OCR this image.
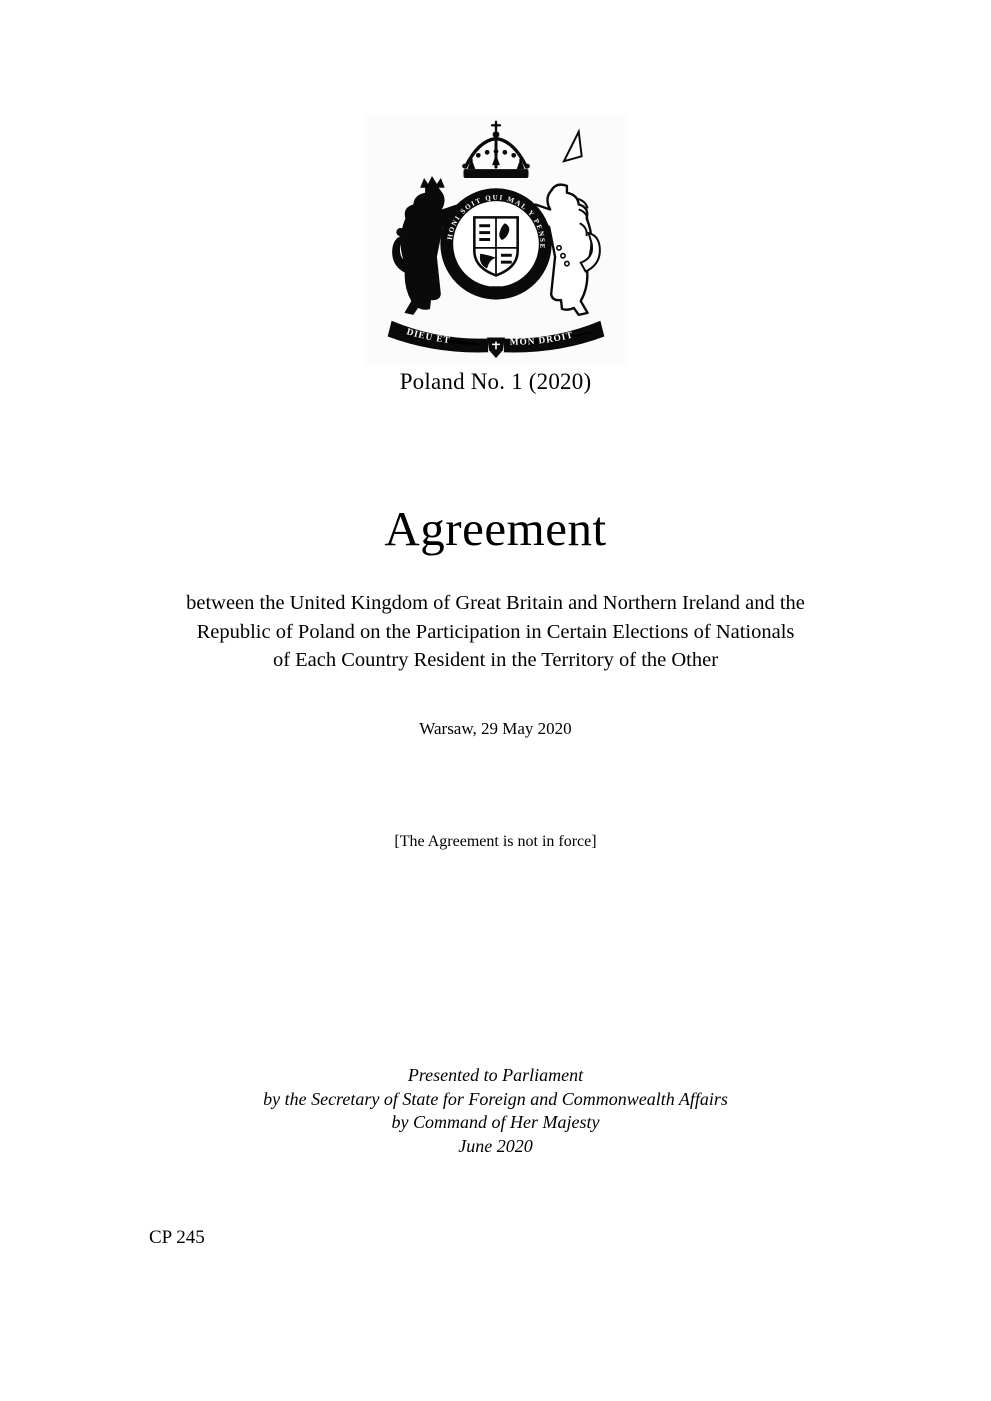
HONI SOIT QUI MAL Y PENSE
DIEU ET	MON DROIT
Poland No. 1 (2020)
Agreement
between the United Kingdom of Great Britain and Northern Ireland and the
Republic of Poland on the Participation in Certain Elections of Nationals
of Each Country Resident in the Territory of the Other
Warsaw, 29 May 2020
[The Agreement is not in force]
Presented to Parliament
by the Secretary of State for Foreign and Commonwealth Affairs
by Command of Her Majesty
June 2020
CP 245
